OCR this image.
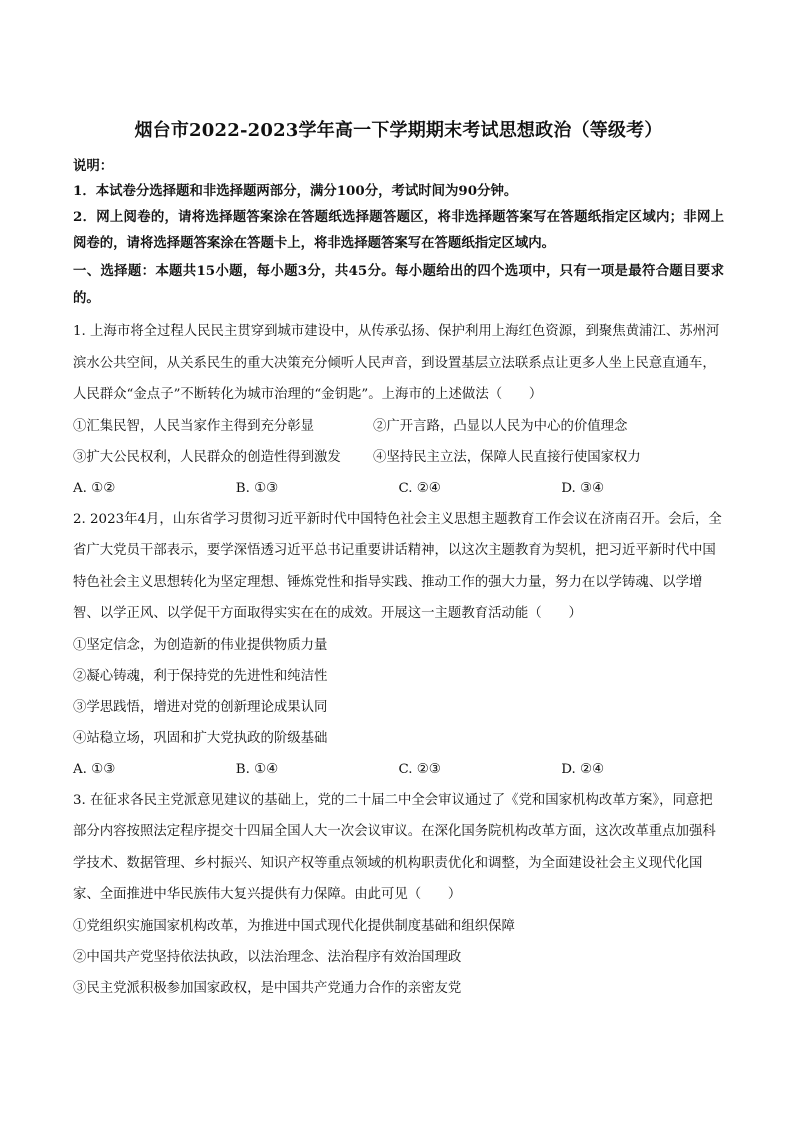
烟台市2022-2023学年高一下学期期末考试思想政治（等级考）
说明：
1．本试卷分选择题和非选择题两部分，满分100分，考试时间为90分钟。
2．网上阅卷的，请将选择题答案涂在答题纸选择题答题区，将非选择题答案写在答题纸指定区域内；非网上阅卷的，请将选择题答案涂在答题卡上，将非选择题答案写在答题纸指定区域内。
一、选择题：本题共15小题，每小题3分，共45分。每小题给出的四个选项中，只有一项是最符合题目要求的。
1. 上海市将全过程人民民主贯穿到城市建设中，从传承弘扬、保护利用上海红色资源，到聚焦黄浦江、苏州河滨水公共空间，从关系民生的重大决策充分倾听人民声音，到设置基层立法联系点让更多人坐上民意直通车，人民群众“金点子”不断转化为城市治理的“金钥匙”。上海市的上述做法（　　）
①汇集民智，人民当家作主得到充分彰显	②广开言路，凸显以人民为中心的价值理念
③扩大公民权利，人民群众的创造性得到激发	④坚持民主立法，保障人民直接行使国家权力
A. ①②	B. ①③	C. ②④	D. ③④
2. 2023年4月，山东省学习贯彻习近平新时代中国特色社会主义思想主题教育工作会议在济南召开。会后，全省广大党员干部表示，要学深悟透习近平总书记重要讲话精神，以这次主题教育为契机，把习近平新时代中国特色社会主义思想转化为坚定理想、锤炼党性和指导实践、推动工作的强大力量，努力在以学铸魂、以学增智、以学正风、以学促干方面取得实实在在的成效。开展这一主题教育活动能（　　）
①坚定信念，为创造新的伟业提供物质力量
②凝心铸魂，利于保持党的先进性和纯洁性
③学思践悟，增进对党的创新理论成果认同
④站稳立场，巩固和扩大党执政的阶级基础
A. ①③	B. ①④	C. ②③	D. ②④
3. 在征求各民主党派意见建议的基础上，党的二十届二中全会审议通过了《党和国家机构改革方案》，同意把部分内容按照法定程序提交十四届全国人大一次会议审议。在深化国务院机构改革方面，这次改革重点加强科学技术、数据管理、乡村振兴、知识产权等重点领域的机构职责优化和调整，为全面建设社会主义现代化国家、全面推进中华民族伟大复兴提供有力保障。由此可见（　　）
①党组织实施国家机构改革，为推进中国式现代化提供制度基础和组织保障
②中国共产党坚持依法执政，以法治理念、法治程序有效治国理政
③民主党派积极参加国家政权，是中国共产党通力合作的亲密友党
